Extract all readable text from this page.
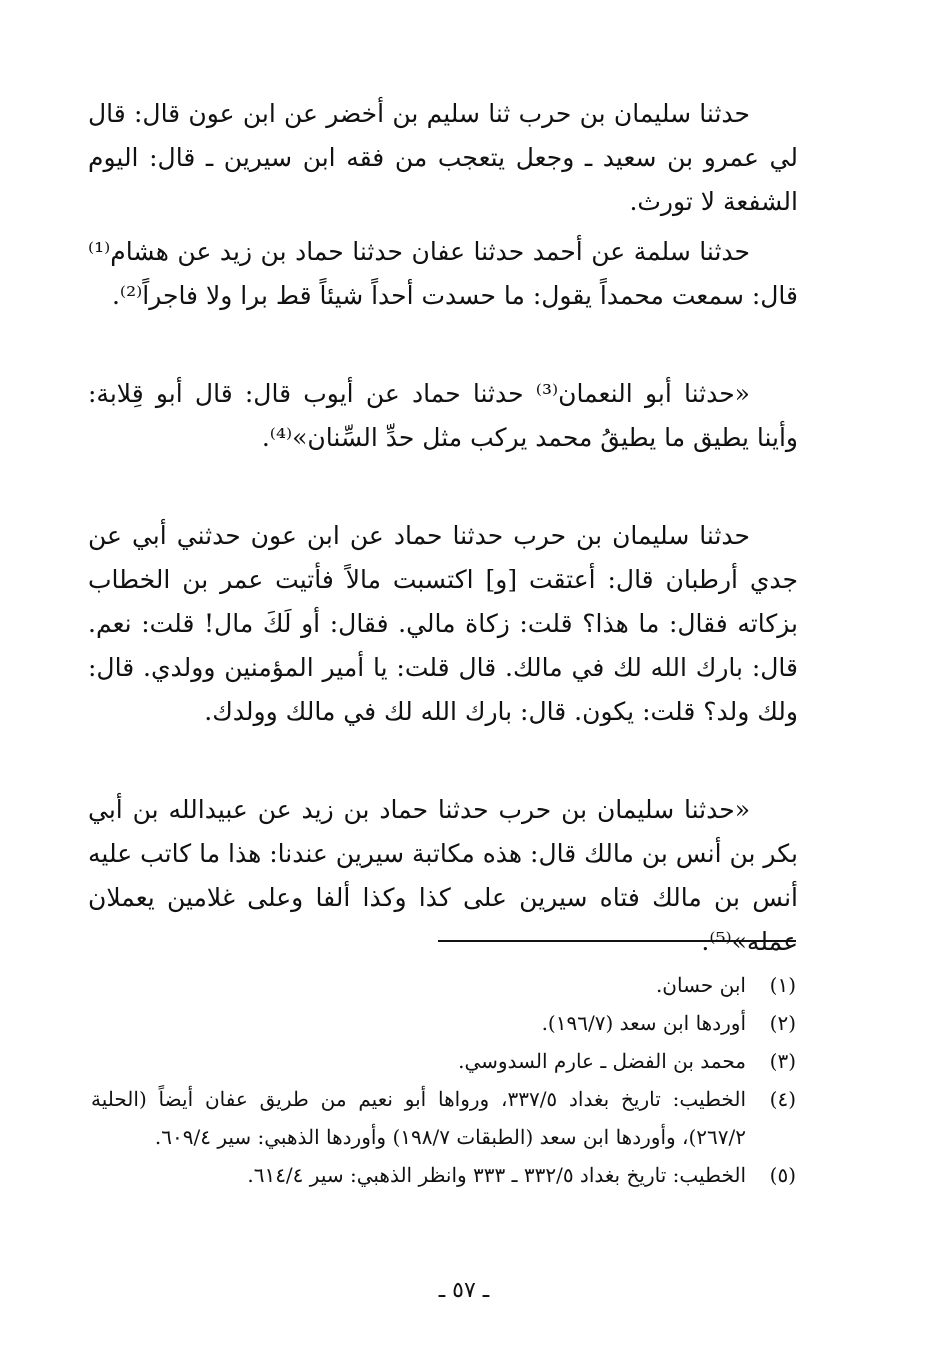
حدثنا سليمان بن حرب ثنا سليم بن أخضر عن ابن عون قال: قال لي عمرو بن سعيد ـ وجعل يتعجب من فقه ابن سيرين ـ قال: اليوم الشفعة لا تورث.

حدثنا سلمة عن أحمد حدثنا عفان حدثنا حماد بن زيد عن هشام⁽¹⁾ قال: سمعت محمداً يقول: ما حسدت أحداً شيئاً قط برا ولا فاجراً⁽²⁾.

«حدثنا أبو النعمان⁽³⁾ حدثنا حماد عن أيوب قال: قال أبو قِلابة: وأينا يطيق ما يطيقُ محمد يركب مثل حدِّ السِّنان»⁽⁴⁾.

حدثنا سليمان بن حرب حدثنا حماد عن ابن عون حدثني أبي عن جدي أرطبان قال: أعتقت [و] اكتسبت مالاً فأتيت عمر بن الخطاب بزكاته فقال: ما هذا؟ قلت: زكاة مالي. فقال: أو لَكَ مال! قلت: نعم. قال: بارك الله لك في مالك. قال قلت: يا أمير المؤمنين وولدي. قال: ولك ولد؟ قلت: يكون. قال: بارك الله لك في مالك وولدك.

«حدثنا سليمان بن حرب حدثنا حماد بن زيد عن عبيدالله بن أبي بكر بن أنس بن مالك قال: هذه مكاتبة سيرين عندنا: هذا ما كاتب عليه أنس بن مالك فتاه سيرين على كذا وكذا ألفا وعلى غلامين يعملان عمله»⁽⁵⁾.

(١)
ابن حسان.
(٢)
أوردها ابن سعد (١٩٦/٧).
(٣)
محمد بن الفضل ـ عارم السدوسي.
(٤)
الخطيب: تاريخ بغداد ٣٣٧/٥، ورواها أبو نعيم من طريق عفان أيضاً (الحلية ٢٦٧/٢)، وأوردها ابن سعد (الطبقات ١٩٨/٧) وأوردها الذهبي: سير ٦٠٩/٤.
(٥)
الخطيب: تاريخ بغداد ٣٣٢/٥ ـ ٣٣٣ وانظر الذهبي: سير ٦١٤/٤.
ـ ٥٧ ـ
